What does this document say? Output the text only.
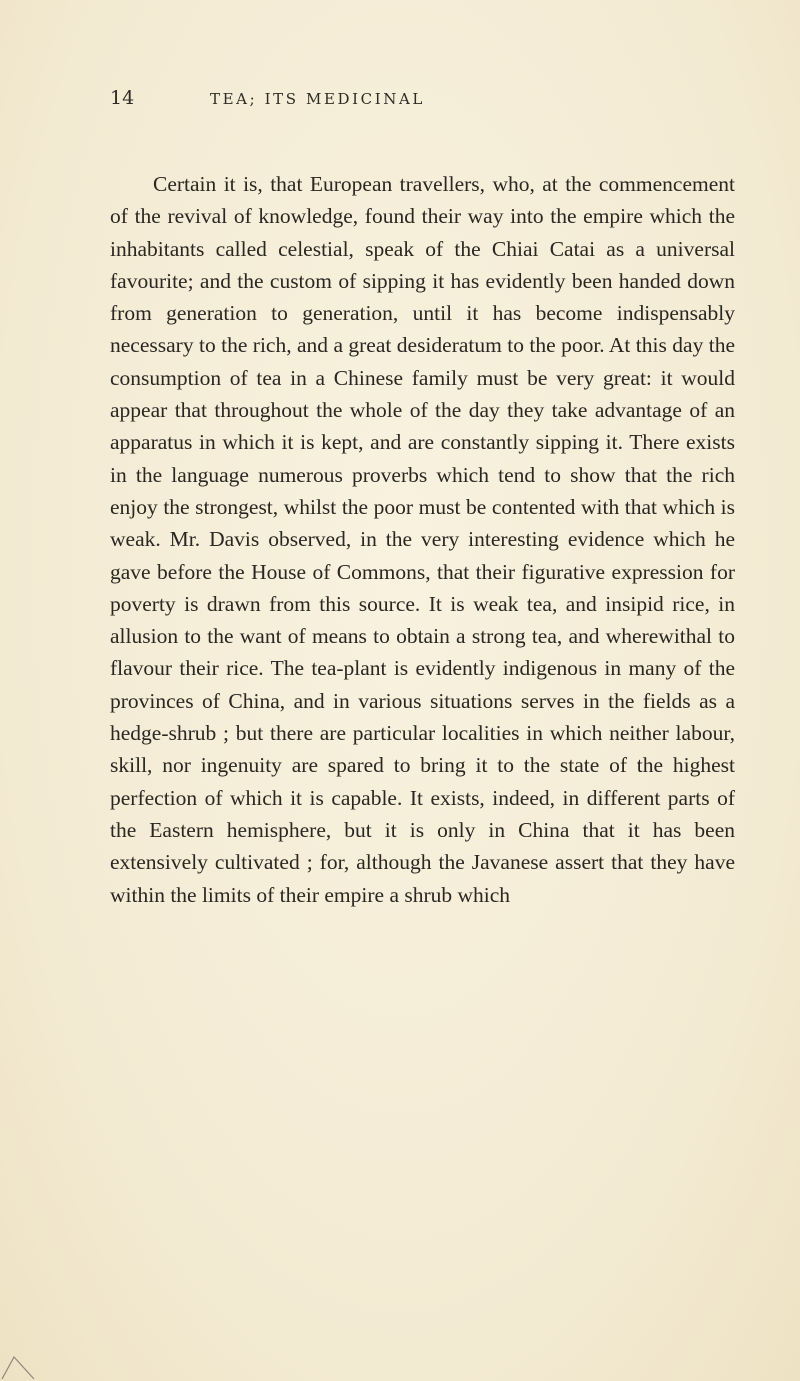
14	TEA; ITS MEDICINAL

Certain it is, that European travellers, who, at the commencement of the revival of knowledge, found their way into the empire which the inhabitants called celestial, speak of the Chiai Catai as a universal favourite; and the custom of sipping it has evidently been handed down from generation to generation, until it has become indispensably necessary to the rich, and a great desideratum to the poor. At this day the consumption of tea in a Chinese family must be very great: it would appear that throughout the whole of the day they take advantage of an apparatus in which it is kept, and are constantly sipping it. There exists in the language numerous proverbs which tend to show that the rich enjoy the strongest, whilst the poor must be contented with that which is weak. Mr. Davis observed, in the very interesting evidence which he gave before the House of Commons, that their figurative expression for poverty is drawn from this source. It is weak tea, and insipid rice, in allusion to the want of means to obtain a strong tea, and wherewithal to flavour their rice. The tea-plant is evidently indigenous in many of the provinces of China, and in various situations serves in the fields as a hedge-shrub ; but there are particular localities in which neither labour, skill, nor ingenuity are spared to bring it to the state of the highest perfection of which it is capable. It exists, indeed, in different parts of the Eastern hemisphere, but it is only in China that it has been extensively cultivated ; for, although the Javanese assert that they have within the limits of their empire a shrub which
